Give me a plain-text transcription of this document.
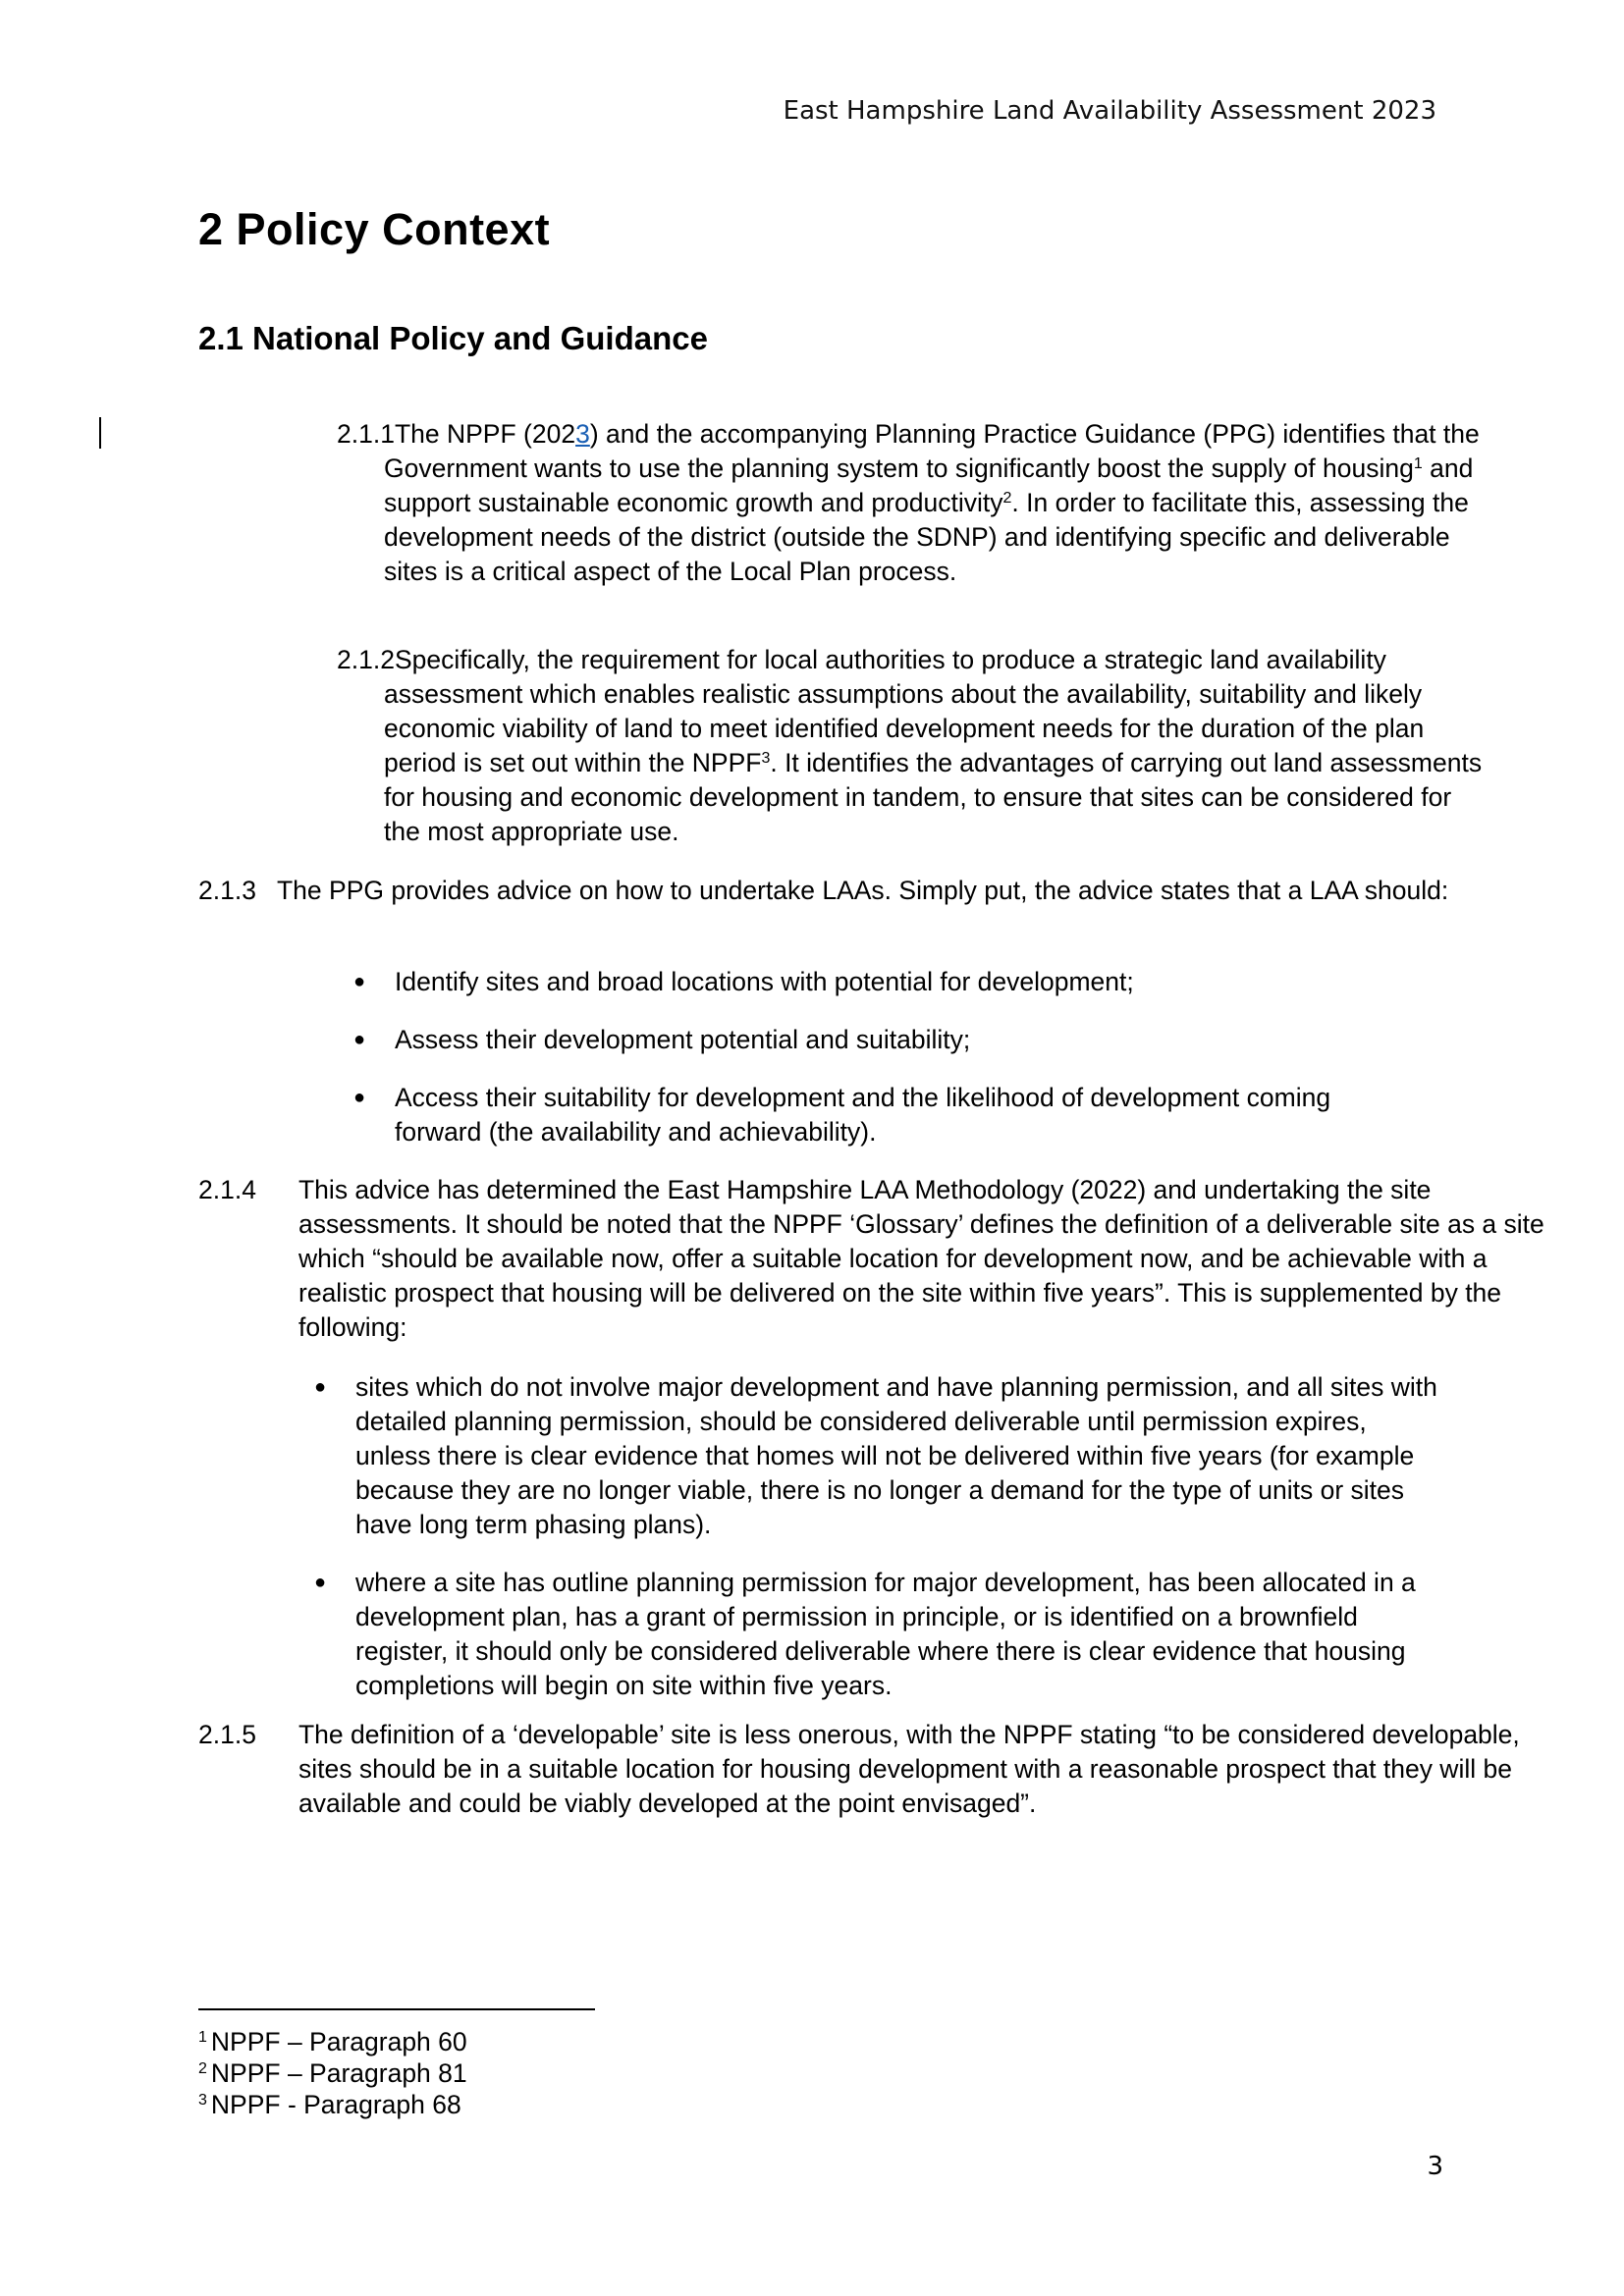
East Hampshire Land Availability Assessment 2023
2 Policy Context
2.1 National Policy and Guidance

2.1.1The NPPF (2023) and the accompanying Planning Practice Guidance (PPG) identifies that the Government wants to use the planning system to significantly boost the supply of housing$^1$ and support sustainable economic growth and productivity$^2$. In order to facilitate this, assessing the development needs of the district (outside the SDNP) and identifying specific and deliverable sites is a critical aspect of the Local Plan process.

2.1.2Specifically, the requirement for local authorities to produce a strategic land availability assessment which enables realistic assumptions about the availability, suitability and likely economic viability of land to meet identified development needs for the duration of the plan period is set out within the NPPF$^3$. It identifies the advantages of carrying out land assessments for housing and economic development in tandem, to ensure that sites can be considered for the most appropriate use.

2.1.3 The PPG provides advice on how to undertake LAAs. Simply put, the advice states that a LAA should:

● Identify sites and broad locations with potential for development;
● Assess their development potential and suitability;
● Access their suitability for development and the likelihood of development coming forward (the availability and achievability).

2.1.4 This advice has determined the East Hampshire LAA Methodology (2022) and undertaking the site assessments. It should be noted that the NPPF ‘Glossary’ defines the definition of a deliverable site as a site which “should be available now, offer a suitable location for development now, and be achievable with a realistic prospect that housing will be delivered on the site within five years”. This is supplemented by the following:

● sites which do not involve major development and have planning permission, and all sites with detailed planning permission, should be considered deliverable until permission expires, unless there is clear evidence that homes will not be delivered within five years (for example because they are no longer viable, there is no longer a demand for the type of units or sites have long term phasing plans).
● where a site has outline planning permission for major development, has been allocated in a development plan, has a grant of permission in principle, or is identified on a brownfield register, it should only be considered deliverable where there is clear evidence that housing completions will begin on site within five years.

2.1.5 The definition of a ‘developable’ site is less onerous, with the NPPF stating “to be considered developable, sites should be in a suitable location for housing development with a reasonable prospect that they will be available and could be viably developed at the point envisaged”.

$^1$ NPPF – Paragraph 60
$^2$ NPPF – Paragraph 81
$^3$ NPPF - Paragraph 68
3
